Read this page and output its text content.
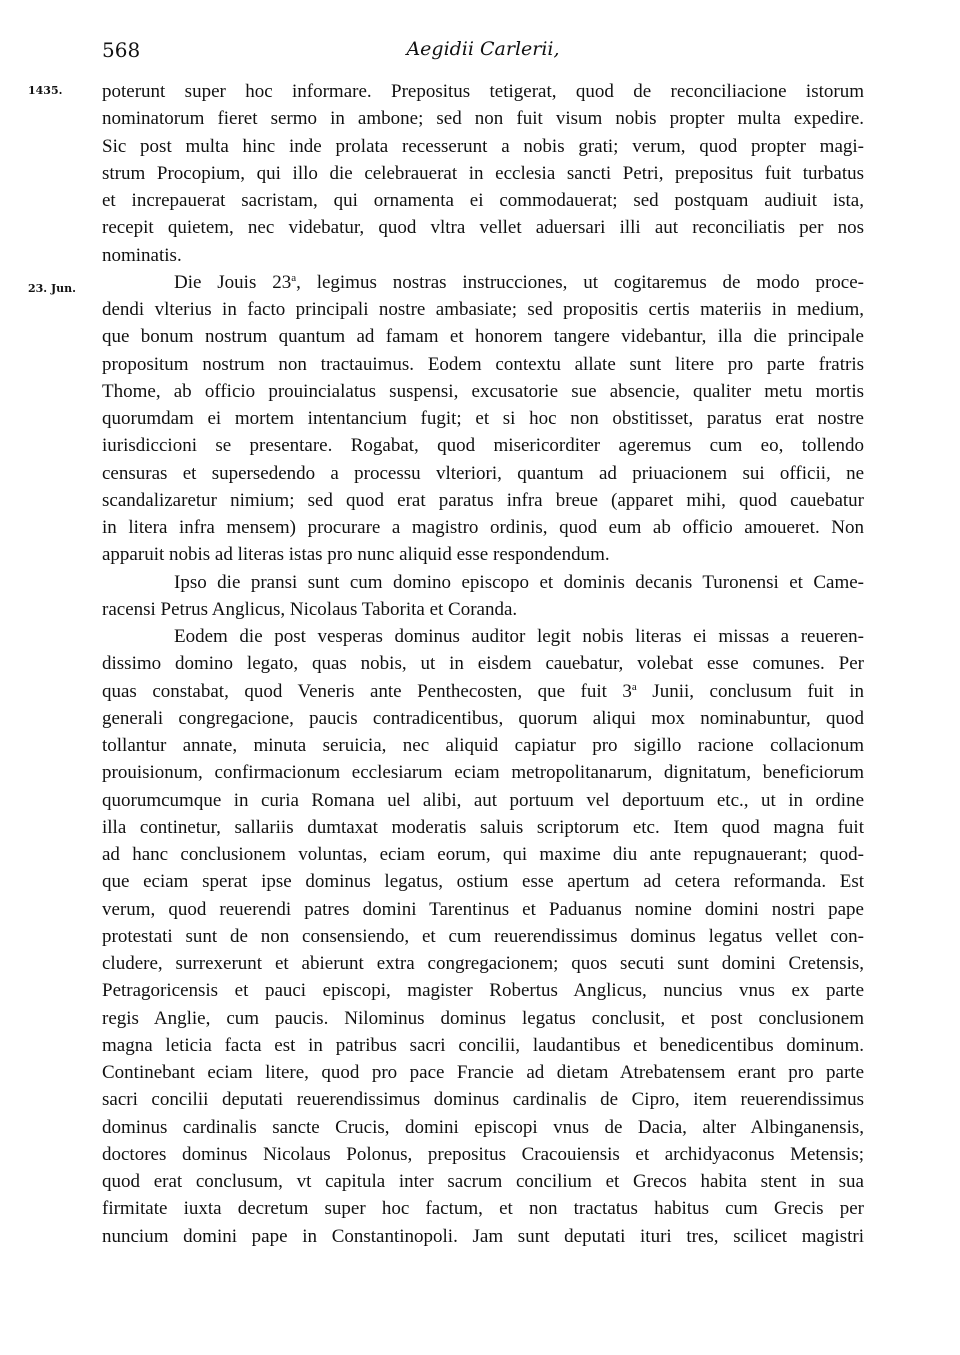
568	Aegidii Carlerii,
1435.
23. Jun.
poterunt super hoc informare. Prepositus tetigerat, quod de reconciliacione istorum
nominatorum fieret sermo in ambone; sed non fuit visum nobis propter multa expedire.
Sic post multa hinc inde prolata recesserunt a nobis grati; verum, quod propter magi-
strum Procopium, qui illo die celebrauerat in ecclesia sancti Petri, prepositus fuit turbatus
et increpauerat sacristam, qui ornamenta ei commodauerat; sed postquam audiuit ista,
recepit quietem, nec videbatur, quod vltra vellet aduersari illi aut reconciliatis per nos
nominatis.
Die Jouis 23$^a$, legimus nostras instrucciones, ut cogitaremus de modo proce-
dendi vlterius in facto principali nostre ambasiate; sed propositis certis materiis in medium,
que bonum nostrum quantum ad famam et honorem tangere videbantur, illa die principale
propositum nostrum non tractauimus. Eodem contextu allate sunt litere pro parte fratris
Thome, ab officio prouincialatus suspensi, excusatorie sue absencie, qualiter metu mortis
quorumdam ei mortem intentancium fugit; et si hoc non obstitisset, paratus erat nostre
iurisdiccioni se presentare. Rogabat, quod misericorditer ageremus cum eo, tollendo
censuras et supersedendo a processu vlteriori, quantum ad priuacionem sui officii, ne
scandalizaretur nimium; sed quod erat paratus infra breue (apparet mihi, quod cauebatur
in litera infra mensem) procurare a magistro ordinis, quod eum ab officio amoueret. Non
apparuit nobis ad literas istas pro nunc aliquid esse respondendum.
Ipso die pransi sunt cum domino episcopo et dominis decanis Turonensi et Came-
racensi Petrus Anglicus, Nicolaus Taborita et Coranda.
Eodem die post vesperas dominus auditor legit nobis literas ei missas a reueren-
dissimo domino legato, quas nobis, ut in eisdem cauebatur, volebat esse comunes. Per
quas constabat, quod Veneris ante Penthecosten, que fuit 3$^a$ Junii, conclusum fuit in
generali congregacione, paucis contradicentibus, quorum aliqui mox nominabuntur, quod
tollantur annate, minuta seruicia, nec aliquid capiatur pro sigillo racione collacionum
prouisionum, confirmacionum ecclesiarum eciam metropolitanarum, dignitatum, beneficiorum
quorumcumque in curia Romana uel alibi, aut portuum vel deportuum etc., ut in ordine
illa continetur, sallariis dumtaxat moderatis saluis scriptorum etc. Item quod magna fuit
ad hanc conclusionem voluntas, eciam eorum, qui maxime diu ante repugnauerant; quod-
que eciam sperat ipse dominus legatus, ostium esse apertum ad cetera reformanda. Est
verum, quod reuerendi patres domini Tarentinus et Paduanus nomine domini nostri pape
protestati sunt de non consensiendo, et cum reuerendissimus dominus legatus vellet con-
cludere, surrexerunt et abierunt extra congregacionem; quos secuti sunt domini Cretensis,
Petragoricensis et pauci episcopi, magister Robertus Anglicus, nuncius vnus ex parte
regis Anglie, cum paucis. Nilominus dominus legatus conclusit, et post conclusionem
magna leticia facta est in patribus sacri concilii, laudantibus et benedicentibus dominum.
Continebant eciam litere, quod pro pace Francie ad dietam Atrebatensem erant pro parte
sacri concilii deputati reuerendissimus dominus cardinalis de Cipro, item reuerendissimus
dominus cardinalis sancte Crucis, domini episcopi vnus de Dacia, alter Albinganensis,
doctores dominus Nicolaus Polonus, prepositus Cracouiensis et archidyaconus Metensis;
quod erat conclusum, vt capitula inter sacrum concilium et Grecos habita stent in sua
firmitate iuxta decretum super hoc factum, et non tractatus habitus cum Grecis per
nuncium domini pape in Constantinopoli. Jam sunt deputati ituri tres, scilicet magistri
